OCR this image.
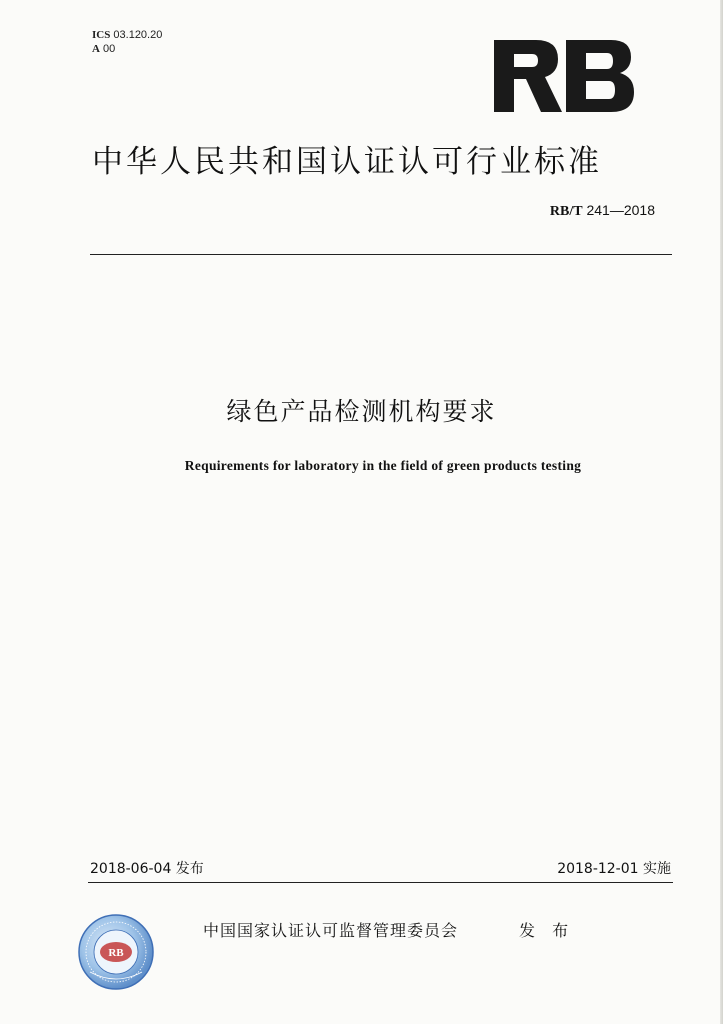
ICS 03.120.20
A 00
中华人民共和国认证认可行业标准
RB/T 241—2018
绿色产品检测机构要求
Requirements for laboratory in the field of green products testing
2018-06-04 发布	2018-12-01 实施
RB
中国国家认证认可监督管理委员会	发 布
